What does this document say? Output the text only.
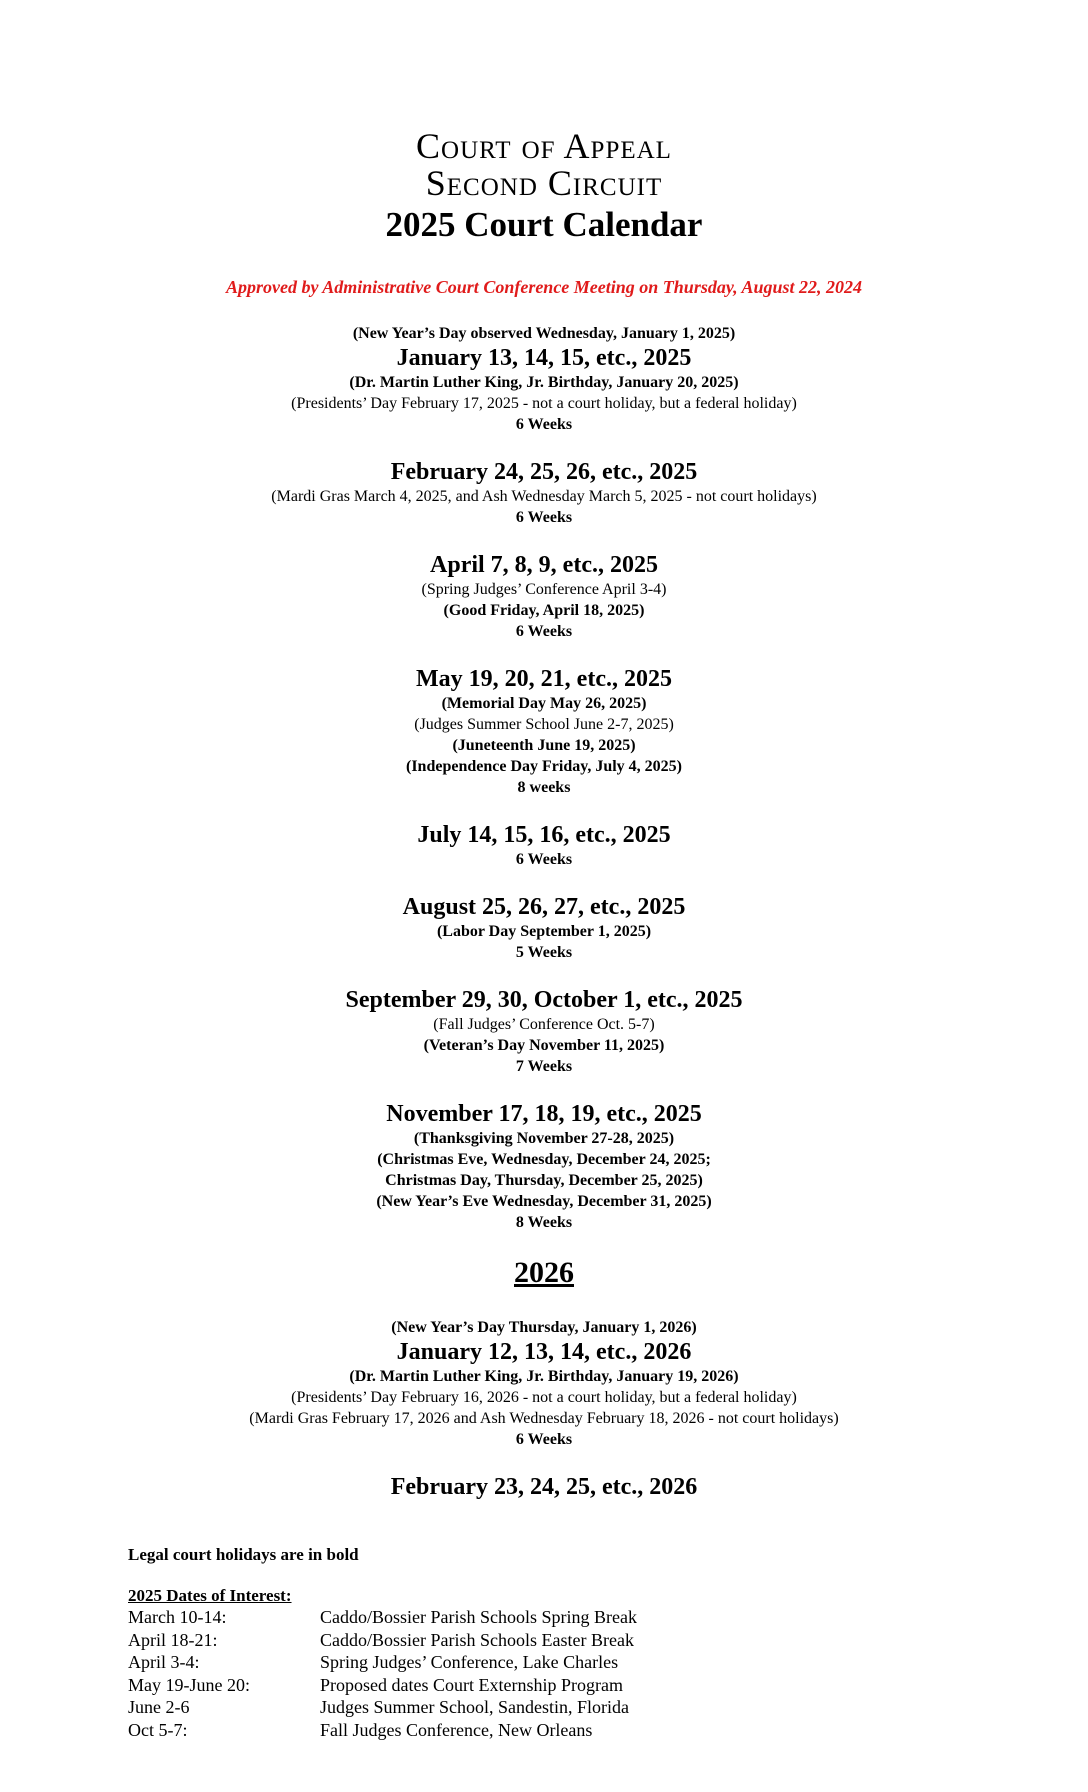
Court of Appeal
Second Circuit
2025 Court Calendar
Approved by Administrative Court Conference Meeting on Thursday, August 22, 2024
(New Year’s Day observed Wednesday, January 1, 2025)
January 13, 14, 15, etc., 2025
(Dr. Martin Luther King, Jr. Birthday, January 20, 2025)
(Presidents’ Day February 17, 2025 - not a court holiday, but a federal holiday)
6 Weeks
February 24, 25, 26, etc., 2025
(Mardi Gras March 4, 2025, and Ash Wednesday March 5, 2025 - not court holidays)
6 Weeks
April 7, 8, 9, etc., 2025
(Spring Judges’ Conference April 3-4)
(Good Friday, April 18, 2025)
6 Weeks
May 19, 20, 21, etc., 2025
(Memorial Day May 26, 2025)
(Judges Summer School June 2-7, 2025)
(Juneteenth June 19, 2025)
(Independence Day Friday, July 4, 2025)
8 weeks
July 14, 15, 16, etc., 2025
6 Weeks
August 25, 26, 27, etc., 2025
(Labor Day September 1, 2025)
5 Weeks
September 29, 30, October 1, etc., 2025
(Fall Judges’ Conference Oct. 5-7)
(Veteran’s Day November 11, 2025)
7 Weeks
November 17, 18, 19, etc., 2025
(Thanksgiving November 27-28, 2025)
(Christmas Eve, Wednesday, December 24, 2025;
Christmas Day, Thursday, December 25, 2025)
(New Year’s Eve Wednesday, December 31, 2025)
8 Weeks
2026
(New Year’s Day Thursday, January 1, 2026)
January 12, 13, 14, etc., 2026
(Dr. Martin Luther King, Jr. Birthday, January 19, 2026)
(Presidents’ Day February 16, 2026 - not a court holiday, but a federal holiday)
(Mardi Gras February 17, 2026 and Ash Wednesday February 18, 2026 - not court holidays)
6 Weeks
February 23, 24, 25, etc., 2026
Legal court holidays are in bold
2025 Dates of Interest:
March 10-14:	Caddo/Bossier Parish Schools Spring Break
April 18-21:	Caddo/Bossier Parish Schools Easter Break
April 3-4:	Spring Judges’ Conference, Lake Charles
May 19-June 20:	Proposed dates Court Externship Program
June 2-6	Judges Summer School, Sandestin, Florida
Oct 5-7:	Fall Judges Conference, New Orleans
